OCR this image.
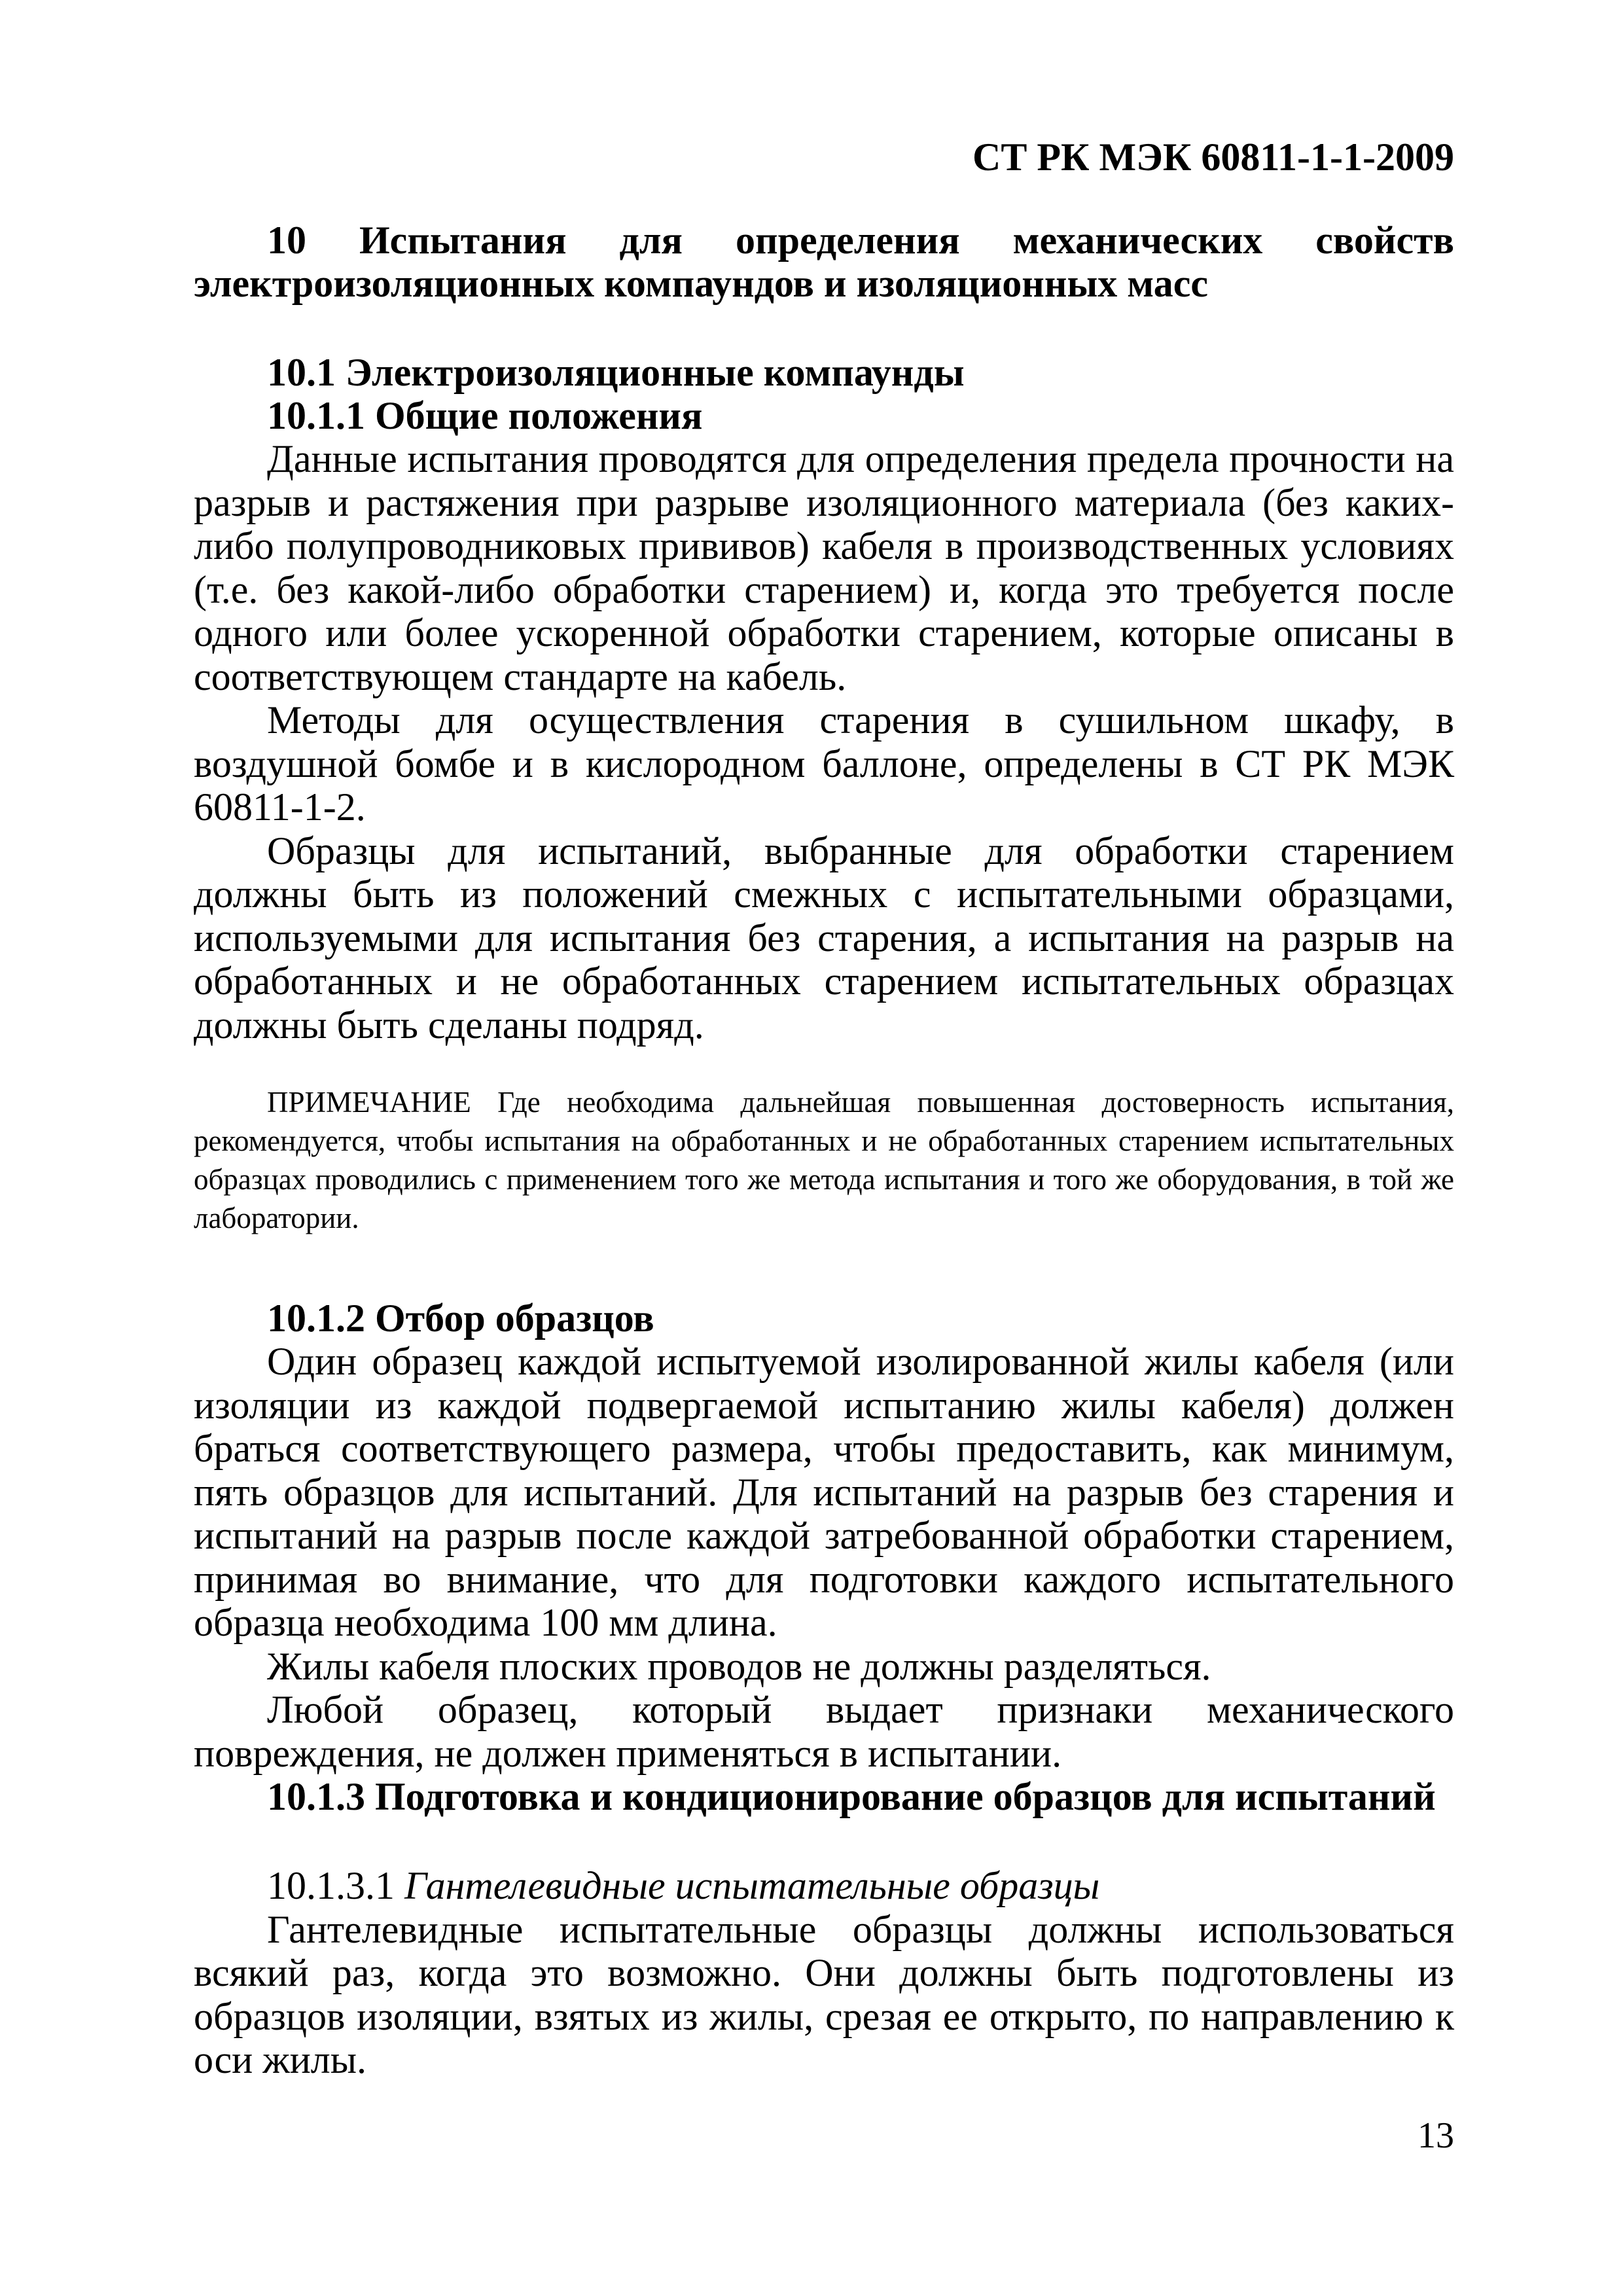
СТ РК МЭК 60811-1-1-2009

10 Испытания для определения механических свойств электроизоляционных компаундов и изоляционных масс

10.1 Электроизоляционные компаунды

10.1.1 Общие положения

Данные испытания проводятся для определения предела прочности на разрыв и растяжения при разрыве изоляционного материала (без каких-либо полупроводниковых прививов) кабеля в производственных условиях (т.е. без какой-либо обработки старением) и, когда это требуется после одного или более ускоренной обработки старением, которые описаны в соответствующем стандарте на кабель.

Методы для осуществления старения в сушильном шкафу, в воздушной бомбе и в кислородном баллоне, определены в СТ РК МЭК 60811-1-2.

Образцы для испытаний, выбранные для обработки старением должны быть из положений смежных с испытательными образцами, используемыми для испытания без старения, а испытания на разрыв на обработанных и не обработанных старением испытательных образцах должны быть сделаны подряд.

ПРИМЕЧАНИЕ Где необходима дальнейшая повышенная достоверность испытания, рекомендуется, чтобы испытания на обработанных и не обработанных старением испытательных образцах проводились с применением того же метода испытания и того же оборудования, в той же лаборатории.

10.1.2 Отбор образцов

Один образец каждой испытуемой изолированной жилы кабеля (или изоляции из каждой подвергаемой испытанию жилы кабеля) должен браться соответствующего размера, чтобы предоставить, как минимум, пять образцов для испытаний. Для испытаний на разрыв без старения и испытаний на разрыв после каждой затребованной обработки старением, принимая во внимание, что для подготовки каждого испытательного образца необходима 100 мм длина.

Жилы кабеля плоских проводов не должны разделяться.

Любой образец, который выдает признаки механического повреждения, не должен применяться в испытании.

10.1.3 Подготовка и кондиционирование образцов для испытаний

10.1.3.1 Гантелевидные испытательные образцы

Гантелевидные испытательные образцы должны использоваться всякий раз, когда это возможно. Они должны быть подготовлены из образцов изоляции, взятых из жилы, срезая ее открыто, по направлению к оси жилы.

13
